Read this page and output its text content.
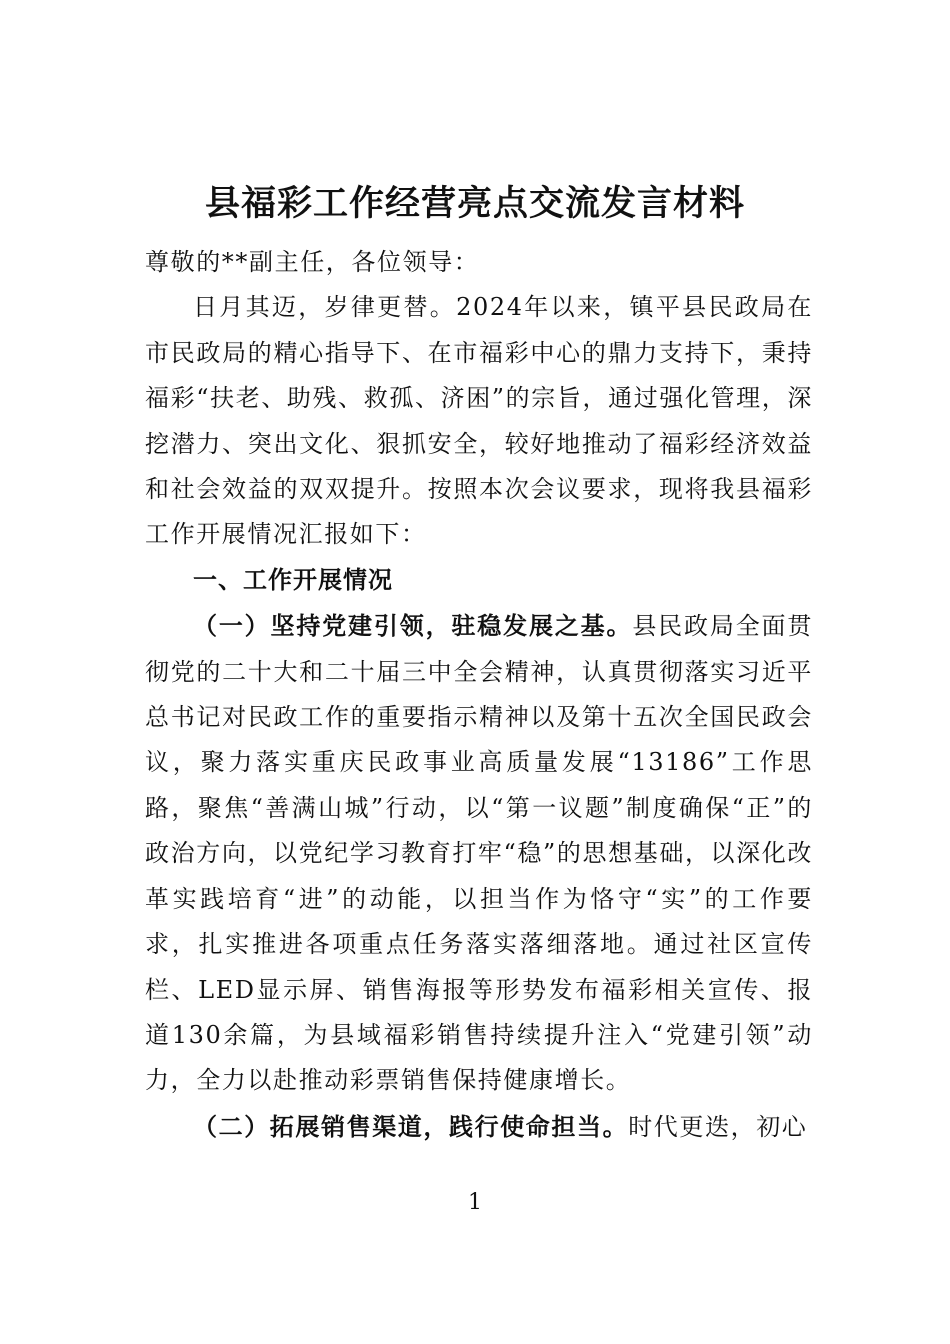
县福彩工作经营亮点交流发言材料

尊敬的**副主任，各位领导：

日月其迈，岁律更替。2024年以来，镇平县民政局在市民政局的精心指导下、在市福彩中心的鼎力支持下，秉持福彩“扶老、助残、救孤、济困”的宗旨，通过强化管理，深挖潜力、突出文化、狠抓安全，较好地推动了福彩经济效益和社会效益的双双提升。按照本次会议要求，现将我县福彩工作开展情况汇报如下：

一、工作开展情况

（一）坚持党建引领，驻稳发展之基。县民政局全面贯彻党的二十大和二十届三中全会精神，认真贯彻落实习近平总书记对民政工作的重要指示精神以及第十五次全国民政会议，聚力落实重庆民政事业高质量发展“13186”工作思路，聚焦“善满山城”行动，以“第一议题”制度确保“正”的政治方向，以党纪学习教育打牢“稳”的思想基础，以深化改革实践培育“进”的动能，以担当作为恪守“实”的工作要求，扎实推进各项重点任务落实落细落地。通过社区宣传栏、LED显示屏、销售海报等形势发布福彩相关宣传、报道130余篇，为县域福彩销售持续提升注入“党建引领”动力，全力以赴推动彩票销售保持健康增长。

（二）拓展销售渠道，践行使命担当。时代更迭，初心

1
